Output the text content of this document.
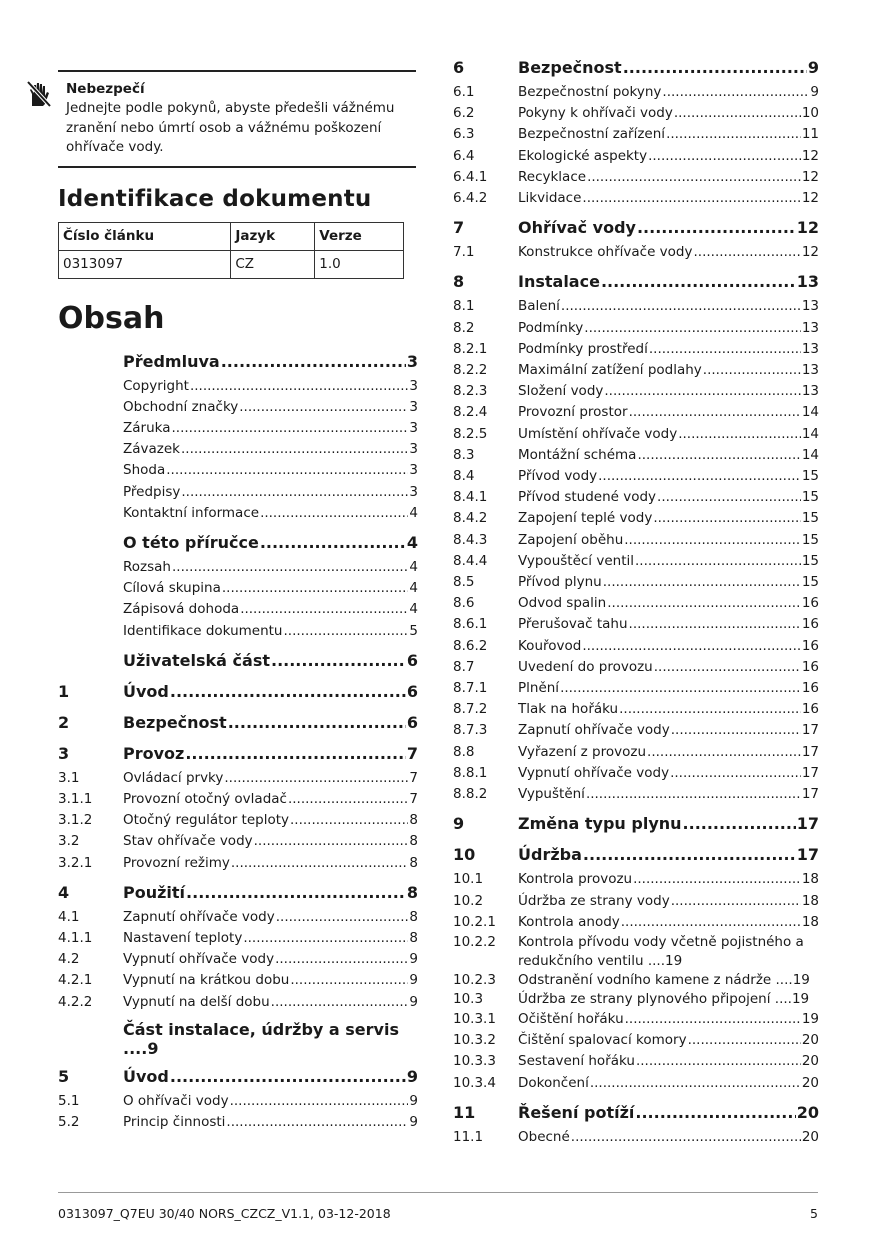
Nebezpečí
Jednejte podle pokynů, abyste předešli vážnému zranění nebo úmrtí osob a vážnému poškození ohřívače vody.
Identifikace dokumentu
Číslo článku	Jazyk	Verze
0313097	CZ	1.0
Obsah
Předmluva .....	3
Copyright .....	3
Obchodní značky .....	3
Záruka .....	3
Závazek .....	3
Shoda .....	3
Předpisy .....	3
Kontaktní informace .....	4
O této příručce .....	4
Rozsah .....	4
Cílová skupina .....	4
Zápisová dohoda .....	4
Identifikace dokumentu .....	5
Uživatelská část .....	6
1	Úvod .....	6
2	Bezpečnost .....	6
3	Provoz .....	7
3.1	Ovládací prvky .....	7
3.1.1	Provozní otočný ovladač .....	7
3.1.2	Otočný regulátor teploty .....	8
3.2	Stav ohřívače vody .....	8
3.2.1	Provozní režimy .....	8
4	Použití .....	8
4.1	Zapnutí ohřívače vody .....	8
4.1.1	Nastavení teploty .....	8
4.2	Vypnutí ohřívače vody .....	9
4.2.1	Vypnutí na krátkou dobu .....	9
4.2.2	Vypnutí na delší dobu .....	9
Část instalace, údržby a servis ....9
5	Úvod .....	9
5.1	O ohřívači vody .....	9
5.2	Princip činnosti .....	9
6	Bezpečnost .....	9
6.1	Bezpečnostní pokyny .....	9
6.2	Pokyny k ohřívači vody .....	10
6.3	Bezpečnostní zařízení .....	11
6.4	Ekologické aspekty .....	12
6.4.1	Recyklace .....	12
6.4.2	Likvidace .....	12
7	Ohřívač vody .....	12
7.1	Konstrukce ohřívače vody .....	12
8	Instalace .....	13
8.1	Balení .....	13
8.2	Podmínky .....	13
8.2.1	Podmínky prostředí .....	13
8.2.2	Maximální zatížení podlahy .....	13
8.2.3	Složení vody .....	13
8.2.4	Provozní prostor .....	14
8.2.5	Umístění ohřívače vody .....	14
8.3	Montážní schéma .....	14
8.4	Přívod vody .....	15
8.4.1	Přívod studené vody .....	15
8.4.2	Zapojení teplé vody .....	15
8.4.3	Zapojení oběhu .....	15
8.4.4	Vypouštěcí ventil .....	15
8.5	Přívod plynu .....	15
8.6	Odvod spalin .....	16
8.6.1	Přerušovač tahu .....	16
8.6.2	Kouřovod .....	16
8.7	Uvedení do provozu .....	16
8.7.1	Plnění .....	16
8.7.2	Tlak na hořáku .....	16
8.7.3	Zapnutí ohřívače vody .....	17
8.8	Vyřazení z provozu .....	17
8.8.1	Vypnutí ohřívače vody .....	17
8.8.2	Vypuštění .....	17
9	Změna typu plynu .....	17
10	Údržba .....	17
10.1	Kontrola provozu .....	18
10.2	Údržba ze strany vody .....	18
10.2.1	Kontrola anody .....	18
10.2.2	Kontrola přívodu vody včetně pojistného a redukčního ventilu ....19
10.2.3	Odstranění vodního kamene z nádrže ....19
10.3	Údržba ze strany plynového připojení ....19
10.3.1	Očištění hořáku .....	19
10.3.2	Čištění spalovací komory .....	20
10.3.3	Sestavení hořáku .....	20
10.3.4	Dokončení .....	20
11	Řešení potíží .....	20
11.1	Obecné .....	20
0313097_Q7EU 30/40 NORS_CZCZ_V1.1, 03-12-2018	5
